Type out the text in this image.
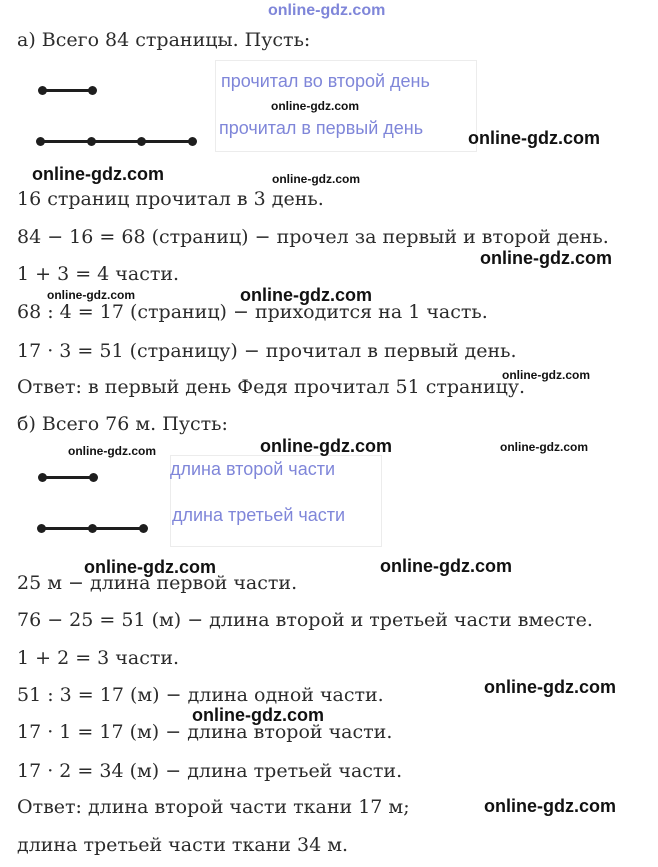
online-gdz.com
а) Всего 84 страницы. Пусть:
прочитал во второй день
прочитал в первый день
16 страниц прочитал в 3 день.
84 − 16 = 68 (страниц) − прочел за первый и второй день.
1 + 3 = 4 части.
68 : 4 = 17 (страниц) − приходится на 1 часть.
17 · 3 = 51 (страницу) − прочитал в первый день.
Ответ: в первый день Федя прочитал 51 страницу.
б) Всего 76 м. Пусть:
длина второй части
длина третьей части
25 м − длина первой части.
76 − 25 = 51 (м) − длина второй и третьей части вместе.
1 + 2 = 3 части.
51 : 3 = 17 (м) − длина одной части.
17 · 1 = 17 (м) − длина второй части.
17 · 2 = 34 (м) − длина третьей части.
Ответ: длина второй части ткани 17 м;
длина третьей части ткани 34 м.
online-gdz.com
online-gdz.com
online-gdz.com	online-gdz.com
online-gdz.com
online-gdz.com	online-gdz.com
online-gdz.com
online-gdz.com	online-gdz.com	online-gdz.com
online-gdz.com	online-gdz.com
online-gdz.com
online-gdz.com
online-gdz.com
